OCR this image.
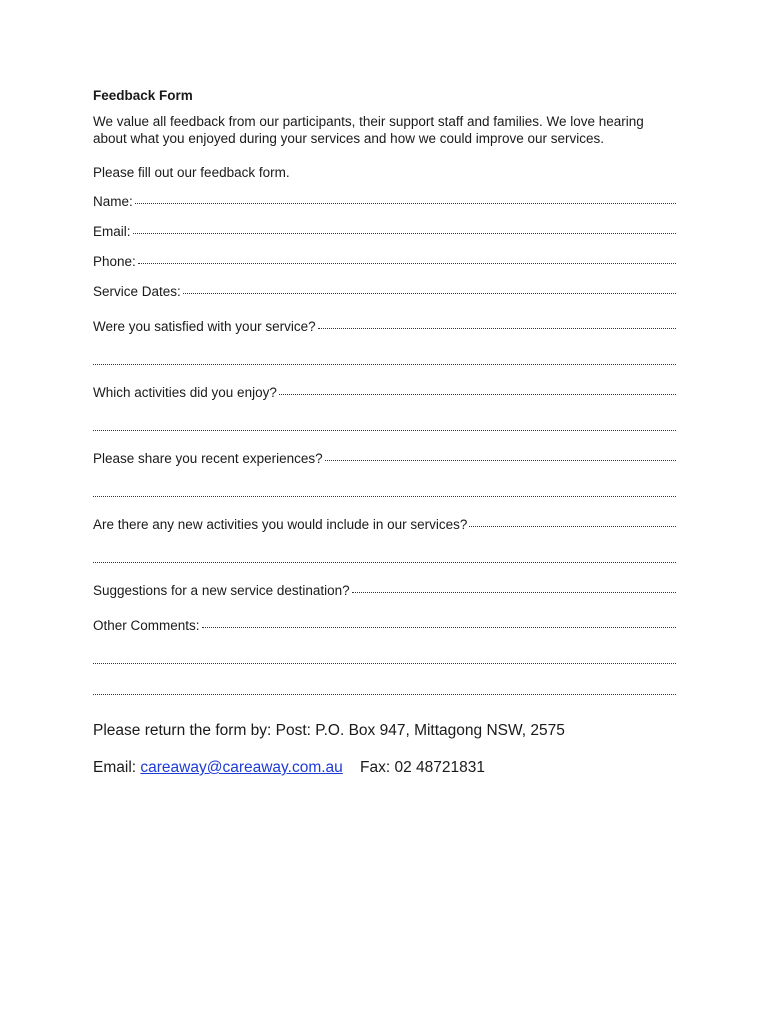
Feedback Form
We value all feedback from our participants, their support staff and families. We love hearing about what you enjoyed during your services and how we could improve our services.
Please fill out our feedback form.
Name:
Email:
Phone:
Service Dates:
Were you satisfied with your service?
Which activities did you enjoy?
Please share you recent experiences?
Are there any new activities you would include in our services?
Suggestions for a new service destination?
Other Comments:
Please return the form by: Post: P.O. Box 947, Mittagong NSW, 2575
Email: careaway@careaway.com.au Fax: 02 48721831
